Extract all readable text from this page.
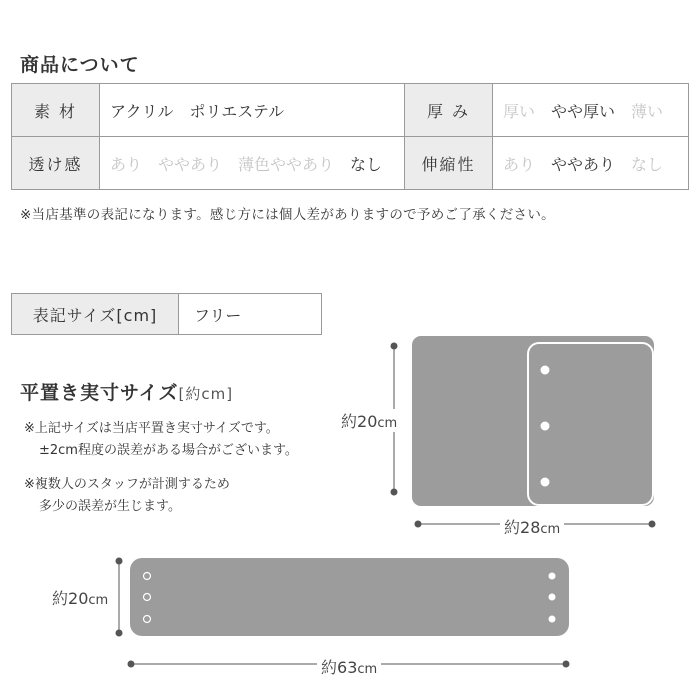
商品について
素 材	アクリル　ポリエステル	厚 み	厚い やや厚い 薄い
透け感	あり ややあり 薄色ややあり なし	伸縮性	あり ややあり なし
※当店基準の表記になります。感じ方には個人差がありますので予めご了承ください。
表記サイズ[cm]	フリー
平置き実寸サイズ[約cm]

※上記サイズは当店平置き実寸サイズです。

±2cm程度の誤差がある場合がございます。

※複数人のスタッフが計測するため

多少の誤差が生じます。

約20cm
約28cm
約20cm
約63cm
